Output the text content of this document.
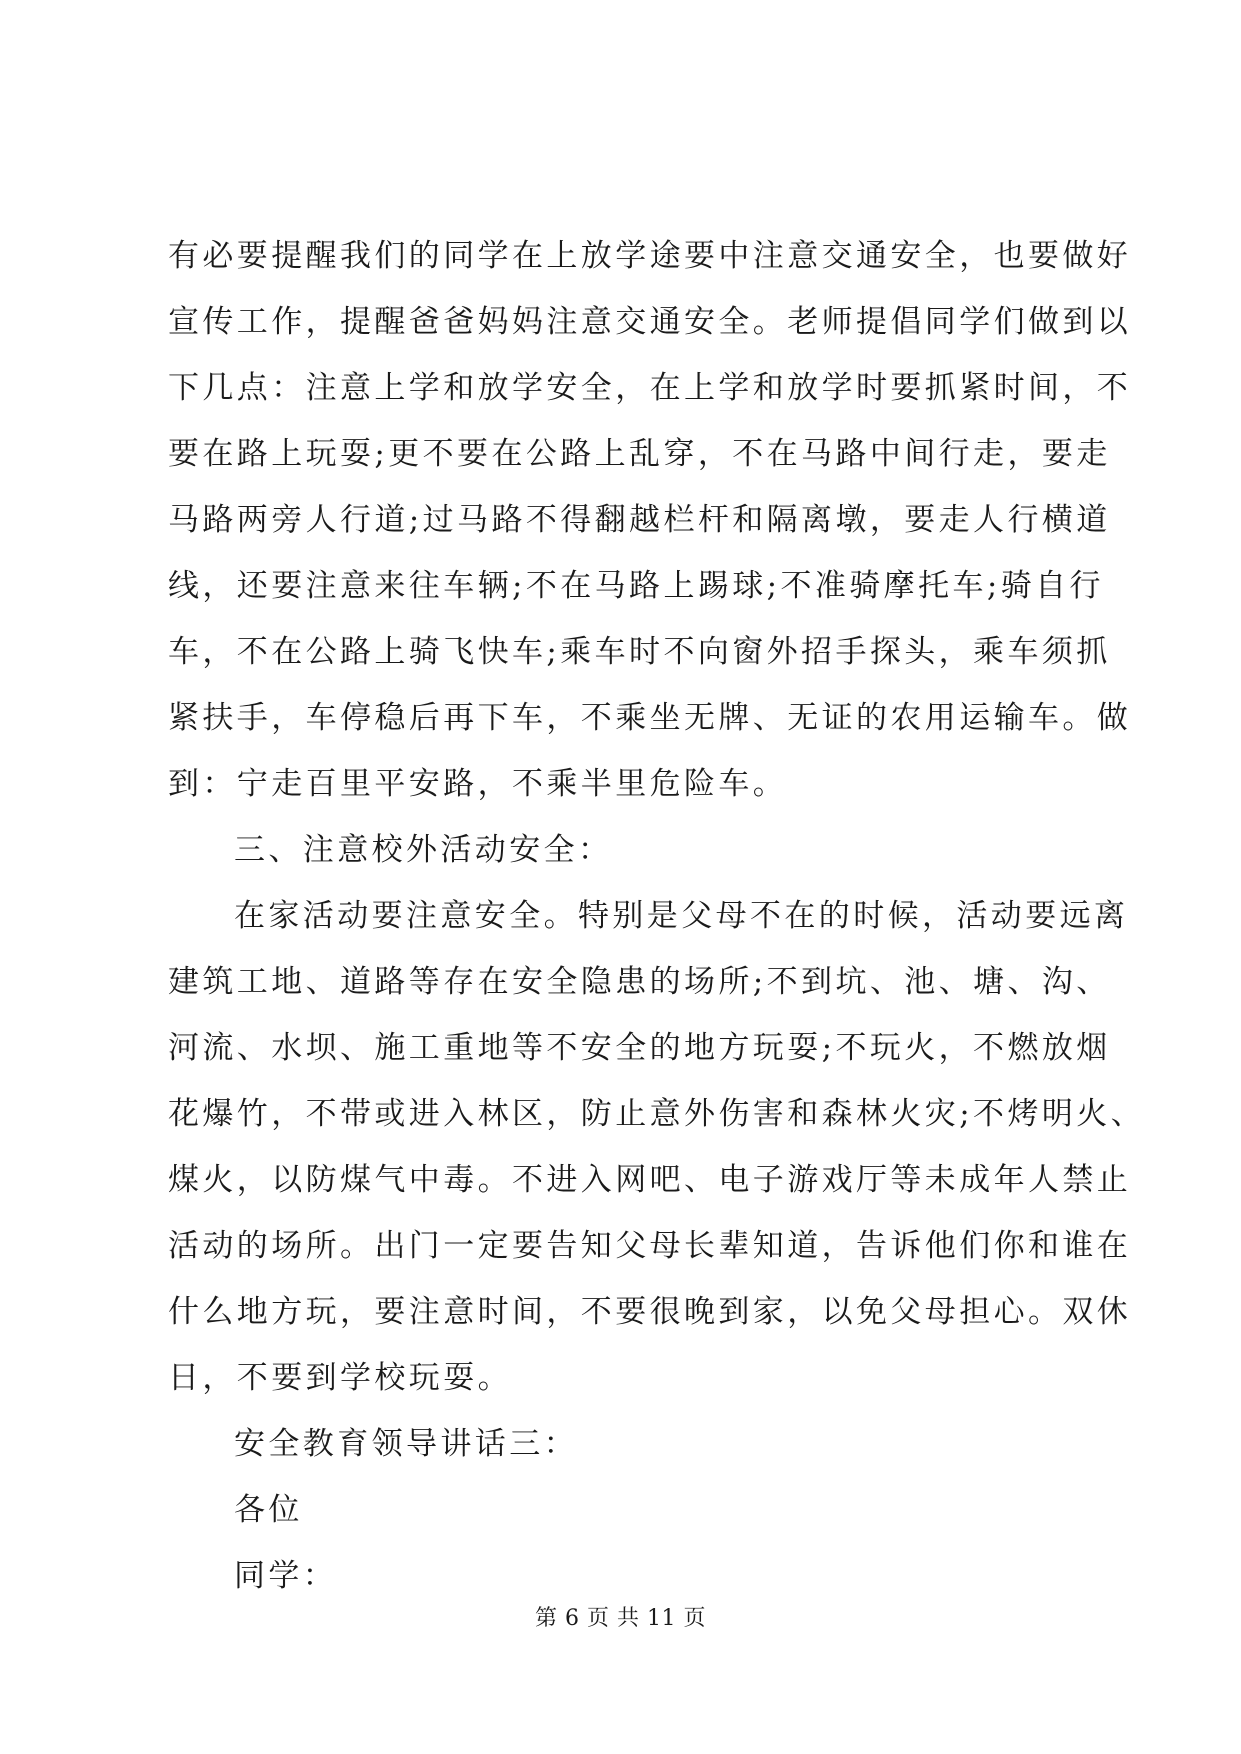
有必要提醒我们的同学在上放学途要中注意交通安全，也要做好
宣传工作，提醒爸爸妈妈注意交通安全。老师提倡同学们做到以
下几点：注意上学和放学安全，在上学和放学时要抓紧时间，不
要在路上玩耍;更不要在公路上乱穿，不在马路中间行走，要走
马路两旁人行道;过马路不得翻越栏杆和隔离墩，要走人行横道
线，还要注意来往车辆;不在马路上踢球;不准骑摩托车;骑自行
车，不在公路上骑飞快车;乘车时不向窗外招手探头，乘车须抓
紧扶手，车停稳后再下车，不乘坐无牌、无证的农用运输车。做
到：宁走百里平安路，不乘半里危险车。
三、注意校外活动安全：
在家活动要注意安全。特别是父母不在的时候，活动要远离
建筑工地、道路等存在安全隐患的场所;不到坑、池、塘、沟、
河流、水坝、施工重地等不安全的地方玩耍;不玩火，不燃放烟
花爆竹，不带或进入林区，防止意外伤害和森林火灾;不烤明火、
煤火，以防煤气中毒。不进入网吧、电子游戏厅等未成年人禁止
活动的场所。出门一定要告知父母长辈知道，告诉他们你和谁在
什么地方玩，要注意时间，不要很晚到家，以免父母担心。双休
日，不要到学校玩耍。
安全教育领导讲话三：
各位
同学：
第 6 页 共 11 页
